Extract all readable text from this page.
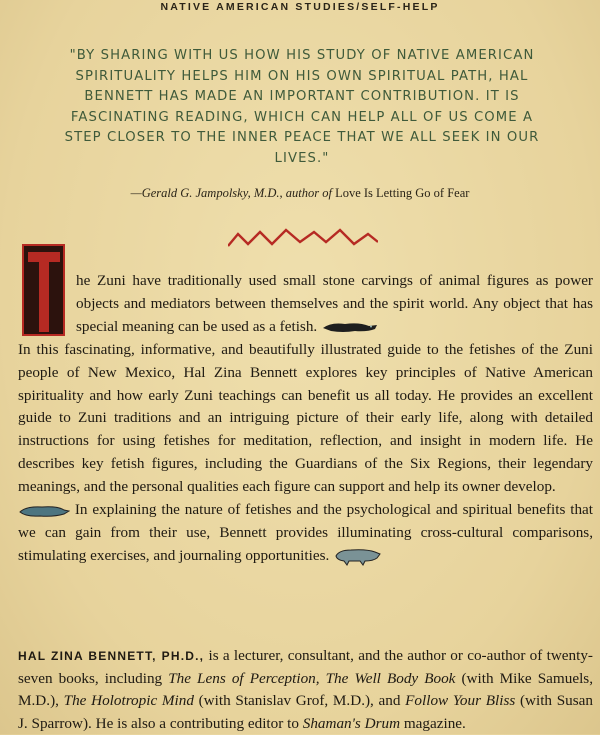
NATIVE AMERICAN STUDIES/SELF-HELP
"BY SHARING WITH US HOW HIS STUDY OF NATIVE AMERICAN SPIRITUALITY HELPS HIM ON HIS OWN SPIRITUAL PATH, HAL BENNETT HAS MADE AN IMPORTANT CONTRIBUTION. IT IS FASCINATING READING, WHICH CAN HELP ALL OF US COME A STEP CLOSER TO THE INNER PEACE THAT WE ALL SEEK IN OUR LIVES."
—Gerald G. Jampolsky, M.D., author of Love Is Letting Go of Fear
he Zuni have traditionally used small stone carvings of animal figures as power objects and mediators between themselves and the spirit world. Any object that has special meaning can be used as a fetish.
In this fascinating, informative, and beautifully illustrated guide to the fetishes of the Zuni people of New Mexico, Hal Zina Bennett explores key principles of Native American spirituality and how early Zuni teachings can benefit us all today. He provides an excellent guide to Zuni traditions and an intriguing picture of their early life, along with detailed instructions for using fetishes for meditation, reflection, and insight in modern life. He describes key fetish figures, including the Guardians of the Six Regions, their legendary meanings, and the personal qualities each figure can support and help its owner develop.
In explaining the nature of fetishes and the psychological and spiritual benefits that we can gain from their use, Bennett provides illuminating cross-cultural comparisons, stimulating exercises, and journaling opportunities.
HAL ZINA BENNETT, PH.D., is a lecturer, consultant, and the author or co-author of twenty-seven books, including The Lens of Perception, The Well Body Book (with Mike Samuels, M.D.), The Holotropic Mind (with Stanislav Grof, M.D.), and Follow Your Bliss (with Susan J. Sparrow). He is also a contributing editor to Shaman's Drum magazine.
